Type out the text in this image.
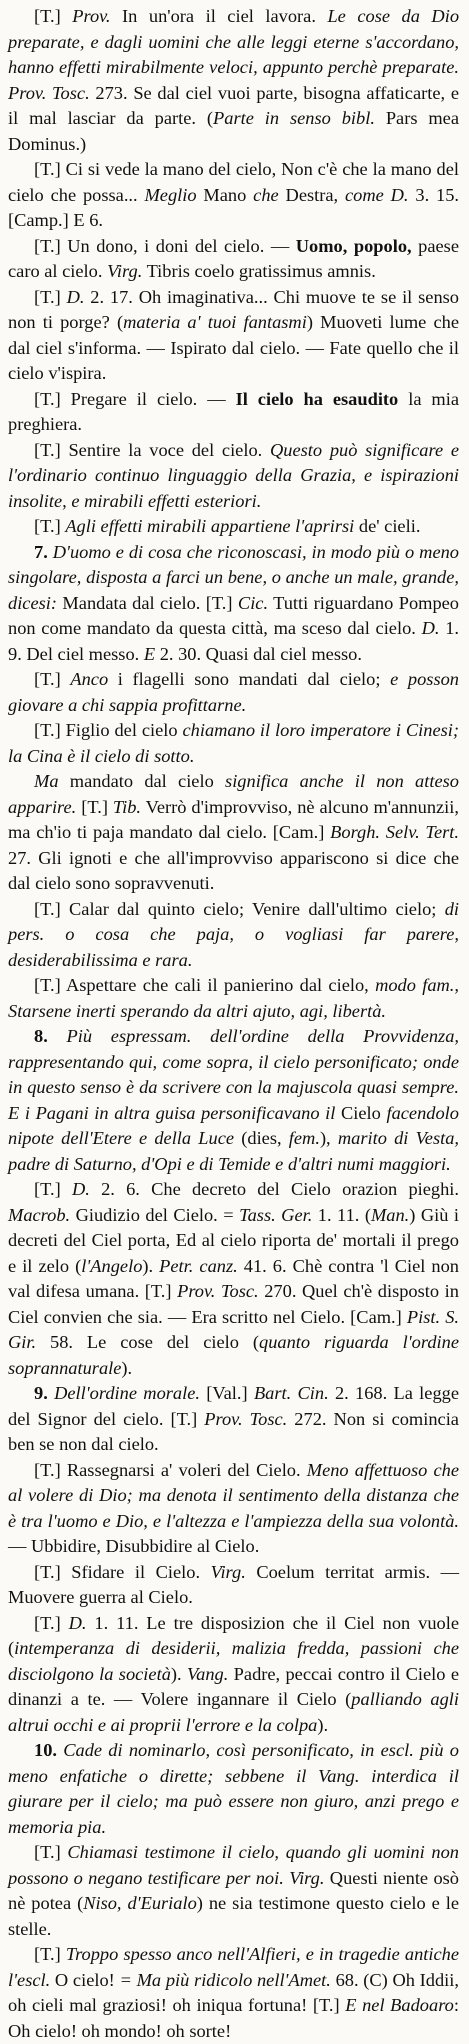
[T.] Prov. In un'ora il ciel lavora. Le cose da Dio preparate, e dagli uomini che alle leggi eterne s'accordano, hanno effetti mirabilmente veloci, appunto perchè preparate. Prov. Tosc. 273. Se dal ciel vuoi parte, bisogna affaticarte, e il mal lasciar da parte. (Parte in senso bibl. Pars mea Dominus.)

[T.] Ci si vede la mano del cielo, Non c'è che la mano del cielo che possa... Meglio Mano che Destra, come D. 3. 15. [Camp.] E 6.

[T.] Un dono, i doni del cielo. — Uomo, popolo, paese caro al cielo. Virg. Tibris coelo gratissimus amnis.

[T.] D. 2. 17. Oh imaginativa... Chi muove te se il senso non ti porge? (materia a' tuoi fantasmi) Muoveti lume che dal ciel s'informa. — Ispirato dal cielo. — Fate quello che il cielo v'ispira.

[T.] Pregare il cielo. — Il cielo ha esaudito la mia preghiera.

[T.] Sentire la voce del cielo. Questo può significare e l'ordinario continuo linguaggio della Grazia, e ispirazioni insolite, e mirabili effetti esteriori.

[T.] Agli effetti mirabili appartiene l'aprirsi de' cieli.

7. D'uomo e di cosa che riconoscasi, in modo più o meno singolare, disposta a farci un bene, o anche un male, grande, dicesi: Mandata dal cielo. [T.] Cic. Tutti riguardano Pompeo non come mandato da questa città, ma sceso dal cielo. D. 1. 9. Del ciel messo. E 2. 30. Quasi dal ciel messo.

[T.] Anco i flagelli sono mandati dal cielo; e posson giovare a chi sappia profittarne.

[T.] Figlio del cielo chiamano il loro imperatore i Cinesi; la Cina è il cielo di sotto.

Ma mandato dal cielo significa anche il non atteso apparire. [T.] Tib. Verrò d'improvviso, nè alcuno m'annunzii, ma ch'io ti paja mandato dal cielo. [Cam.] Borgh. Selv. Tert. 27. Gli ignoti e che all'improvviso appariscono si dice che dal cielo sono sopravvenuti.

[T.] Calar dal quinto cielo; Venire dall'ultimo cielo; di pers. o cosa che paja, o vogliasi far parere, desiderabilissima e rara.

[T.] Aspettare che cali il panierino dal cielo, modo fam., Starsene inerti sperando da altri ajuto, agi, libertà.

8. Più espressam. dell'ordine della Provvidenza, rappresentando qui, come sopra, il cielo personificato; onde in questo senso è da scrivere con la majuscola quasi sempre. E i Pagani in altra guisa personificavano il Cielo facendolo nipote dell'Etere e della Luce (dies, fem.), marito di Vesta, padre di Saturno, d'Opi e di Temide e d'altri numi maggiori.

[T.] D. 2. 6. Che decreto del Cielo orazion pieghi. Macrob. Giudizio del Cielo. = Tass. Ger. 1. 11. (Man.) Giù i decreti del Ciel porta, Ed al cielo riporta de' mortali il prego e il zelo (l'Angelo). Petr. canz. 41. 6. Chè contra 'l Ciel non val difesa umana. [T.] Prov. Tosc. 270. Quel ch'è disposto in Ciel convien che sia. — Era scritto nel Cielo. [Cam.] Pist. S. Gir. 58. Le cose del cielo (quanto riguarda l'ordine soprannaturale).

9. Dell'ordine morale. [Val.] Bart. Cin. 2. 168. La legge del Signor del cielo. [T.] Prov. Tosc. 272. Non si comincia ben se non dal cielo.

[T.] Rassegnarsi a' voleri del Cielo. Meno affettuoso che al volere di Dio; ma denota il sentimento della distanza che è tra l'uomo e Dio, e l'altezza e l'ampiezza della sua volontà. — Ubbidire, Disubbidire al Cielo.

[T.] Sfidare il Cielo. Virg. Coelum territat armis. — Muovere guerra al Cielo.

[T.] D. 1. 11. Le tre disposizion che il Ciel non vuole (intemperanza di desiderii, malizia fredda, passioni che disciolgono la società). Vang. Padre, peccai contro il Cielo e dinanzi a te. — Volere ingannare il Cielo (palliando agli altrui occhi e ai proprii l'errore e la colpa).

10. Cade di nominarlo, così personificato, in escl. più o meno enfatiche o dirette; sebbene il Vang. interdica il giurare per il cielo; ma può essere non giuro, anzi prego e memoria pia.

[T.] Chiamasi testimone il cielo, quando gli uomini non possono o negano testificare per noi. Virg. Questi niente osò nè potea (Niso, d'Eurialo) ne sia testimone questo cielo e le stelle.

[T.] Troppo spesso anco nell'Alfieri, e in tragedie antiche l'escl. O cielo! = Ma più ridicolo nell'Amet. 68. (C) Oh Iddii, oh cieli mal graziosi! oh iniqua fortuna! [T.] E nel Badoaro: Oh cielo! oh mondo! oh sorte!
